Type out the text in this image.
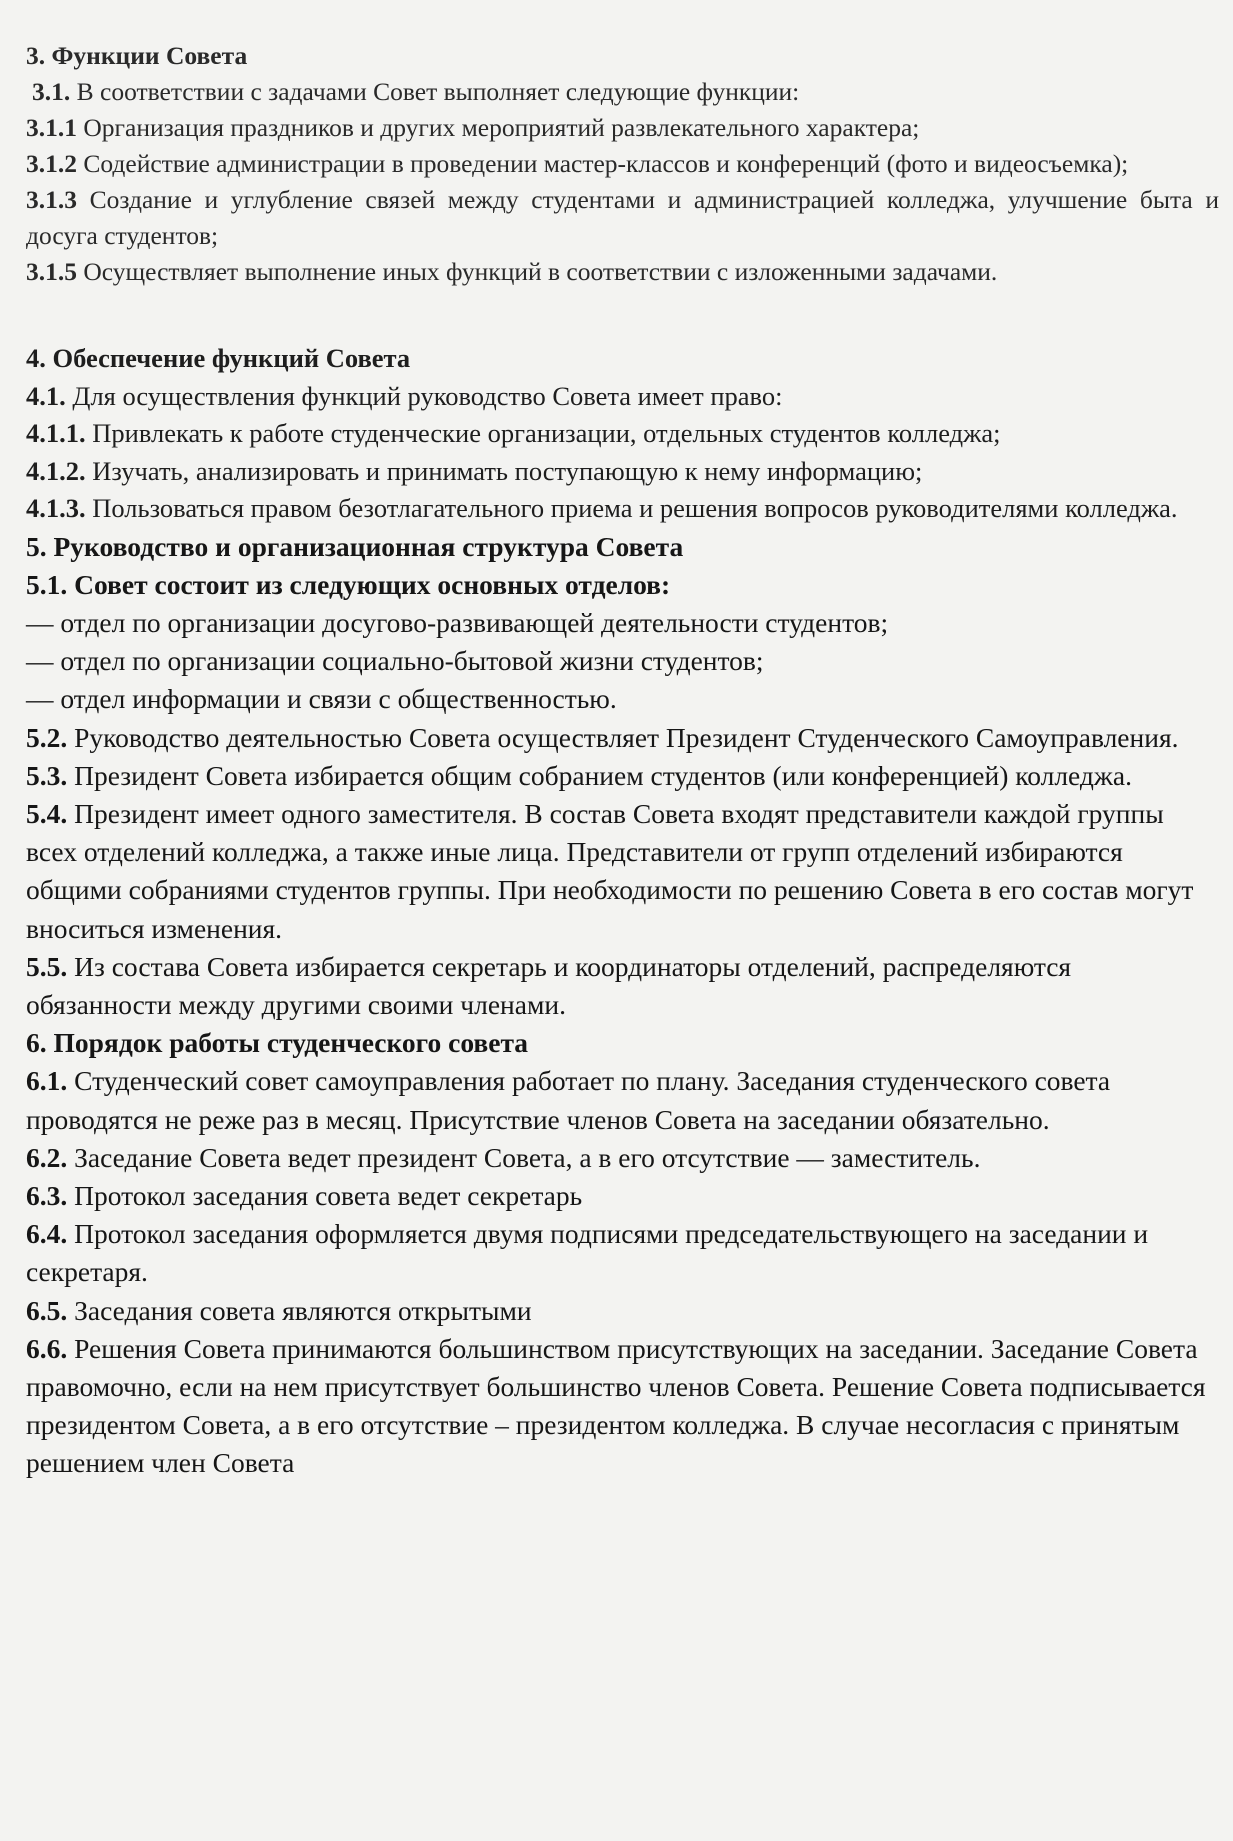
3. Функции Совета
3.1. В соответствии с задачами Совет выполняет следующие функции:
3.1.1 Организация праздников и других мероприятий развлекательного характера;
3.1.2 Содействие администрации в проведении мастер-классов и конференций (фото и видеосъемка);
3.1.3 Создание и углубление связей между студентами и администрацией колледжа, улучшение быта и досуга студентов;
3.1.5 Осуществляет выполнение иных функций в соответствии с изложенными задачами.
4. Обеспечение функций Совета
4.1. Для осуществления функций руководство Совета имеет право:
4.1.1. Привлекать к работе студенческие организации, отдельных студентов колледжа;
4.1.2. Изучать, анализировать и принимать поступающую к нему информацию;
4.1.3. Пользоваться правом безотлагательного приема и решения вопросов руководителями колледжа.
5. Руководство и организационная структура Совета
5.1. Совет состоит из следующих основных отделов:
— отдел по организации досугово-развивающей деятельности студентов;
— отдел по организации социально-бытовой жизни студентов;
— отдел информации и связи с общественностью.
5.2. Руководство деятельностью Совета осуществляет Президент Студенческого Самоуправления.
5.3. Президент Совета избирается общим собранием студентов (или конференцией) колледжа.
5.4. Президент имеет одного заместителя. В состав Совета входят представители каждой группы всех отделений колледжа, а также иные лица. Представители от групп отделений избираются общими собраниями студентов группы. При необходимости по решению Совета в его состав могут вноситься изменения.
5.5. Из состава Совета избирается секретарь и координаторы отделений, распределяются обязанности между другими своими членами.
6. Порядок работы студенческого совета
6.1. Студенческий совет самоуправления работает по плану. Заседания студенческого совета проводятся не реже раз в месяц. Присутствие членов Совета на заседании обязательно.
6.2. Заседание Совета ведет президент Совета, а в его отсутствие — заместитель.
6.3. Протокол заседания совета ведет секретарь
6.4. Протокол заседания оформляется двумя подписями председательствующего на заседании и секретаря.
6.5. Заседания совета являются открытыми
6.6. Решения Совета принимаются большинством присутствующих на заседании. Заседание Совета правомочно, если на нем присутствует большинство членов Совета. Решение Совета подписывается президентом Совета, а в его отсутствие – президентом колледжа. В случае несогласия с принятым решением член Совета
